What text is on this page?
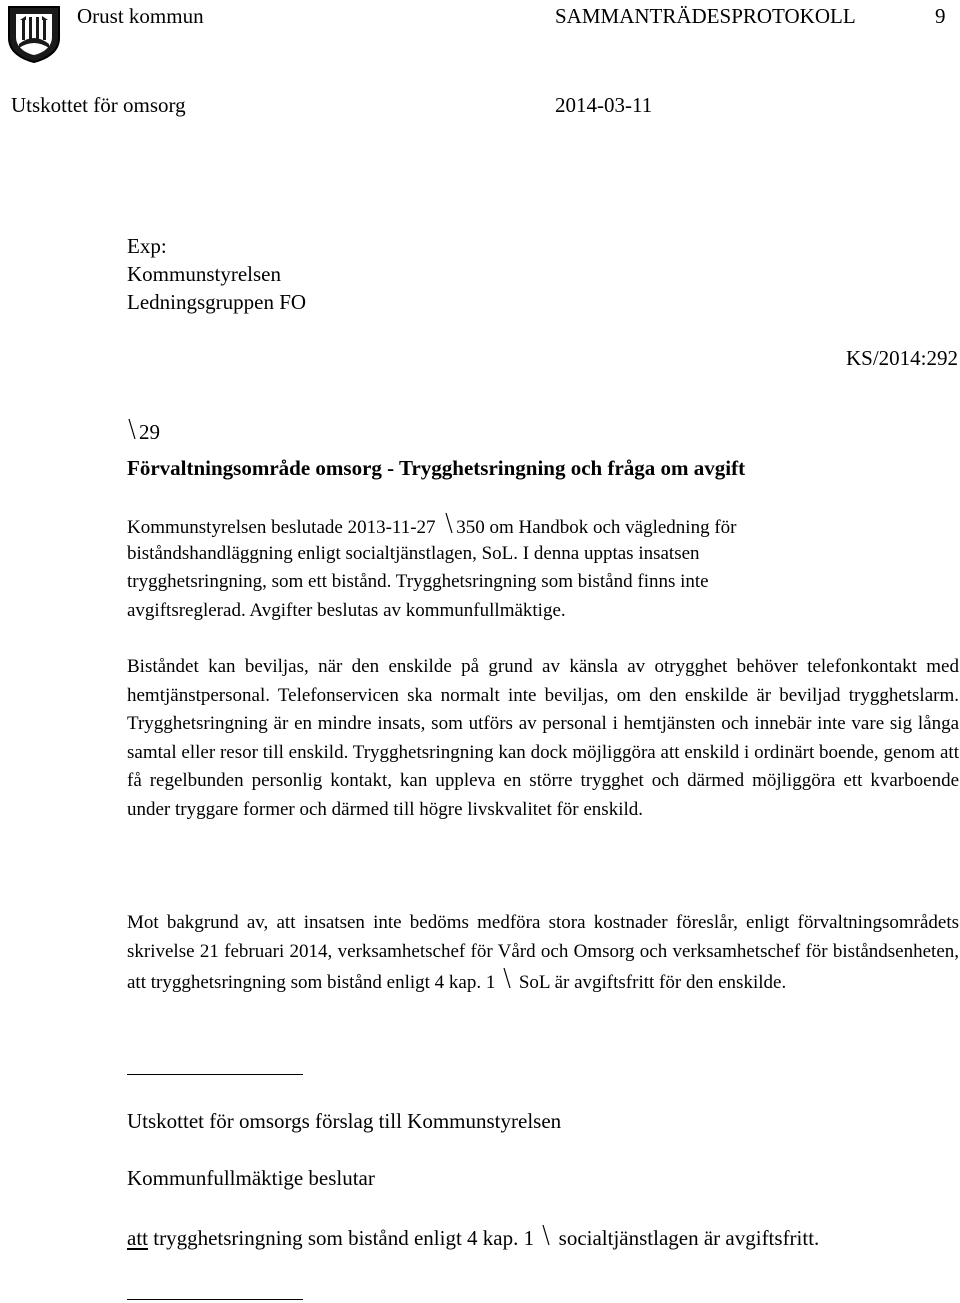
Orust kommun	SAMMANTRÄDESPROTOKOLL	9
Utskottet för omsorg	2014-03-11
Exp:
Kommunstyrelsen
Ledningsgruppen FO
KS/2014:292
29
Förvaltningsområde omsorg - Trygghetsringning och fråga om avgift
Kommunstyrelsen beslutade 2013-11-27 350 om Handbok och vägledning för
biståndshandläggning enligt socialtjänstlagen, SoL. I denna upptas insatsen
trygghetsringning, som ett bistånd. Trygghetsringning som bistånd finns inte
avgiftsreglerad. Avgifter beslutas av kommunfullmäktige.
Biståndet kan beviljas, när den enskilde på grund av känsla av otrygghet behöver telefonkontakt med hemtjänstpersonal. Telefonservicen ska normalt inte beviljas, om den enskilde är beviljad trygghetslarm. Trygghetsringning är en mindre insats, som utförs av personal i hemtjänsten och innebär inte vare sig långa samtal eller resor till enskild. Trygghetsringning kan dock möjliggöra att enskild i ordinärt boende, genom att få regelbunden personlig kontakt, kan uppleva en större trygghet och därmed möjliggöra ett kvarboende under tryggare former och därmed till högre livskvalitet för enskild.
Mot bakgrund av, att insatsen inte bedöms medföra stora kostnader föreslår, enligt förvaltningsområdets skrivelse 21 februari 2014, verksamhetschef för Vård och Omsorg och verksamhetschef för biståndsenheten, att trygghetsringning som bistånd enligt 4 kap. 1 SoL är avgiftsfritt för den enskilde.
Utskottet för omsorgs förslag till Kommunstyrelsen
Kommunfullmäktige beslutar
att trygghetsringning som bistånd enligt 4 kap. 1 socialtjänstlagen är avgiftsfritt.
